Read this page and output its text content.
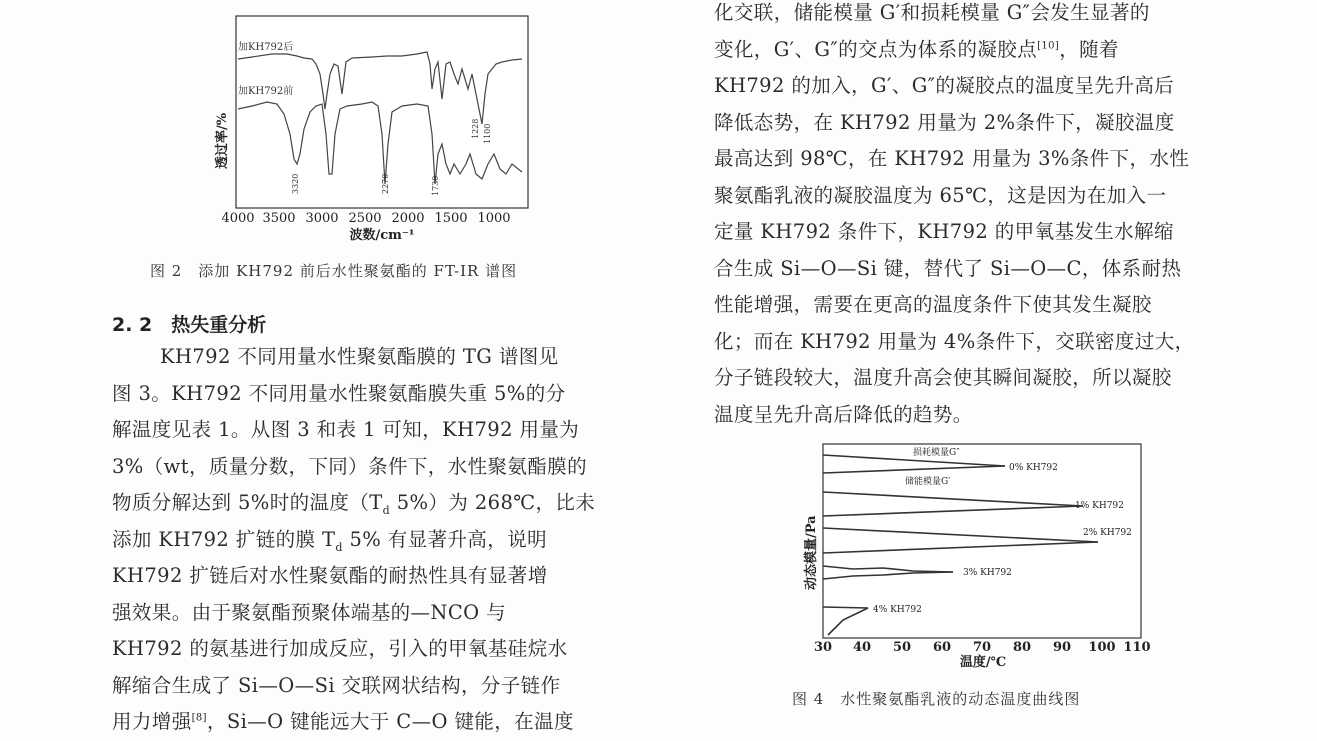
加KH792后
加KH792前
3320	2270	1730
1228 1100
4000 3500 3000 2500 2000 1500 1000
波数/cm⁻¹
透过率/%
图 2　添加 KH792 前后水性聚氨酯的 FT-IR 谱图
2. 2　热失重分析
KH792 不同用量水性聚氨酯膜的 TG 谱图见
图 3。KH792 不同用量水性聚氨酯膜失重 5%的分
解温度见表 1。从图 3 和表 1 可知，KH792 用量为
3%（wt，质量分数，下同）条件下，水性聚氨酯膜的
物质分解达到 5%时的温度（$T_d$ 5%）为 268℃，比未
添加 KH792 扩链的膜 $T_d$ 5% 有显著升高，说明
KH792 扩链后对水性聚氨酯的耐热性具有显著增
强效果。由于聚氨酯预聚体端基的—NCO 与
KH792 的氨基进行加成反应，引入的甲氧基硅烷水
解缩合生成了 Si—O—Si 交联网状结构，分子链作
用力增强[8]，Si—O 键能远大于 C—O 键能，在温度
化交联，储能模量 G′和损耗模量 G″会发生显著的
变化，G′、G″的交点为体系的凝胶点[10]，随着
KH792 的加入，G′、G″的凝胶点的温度呈先升高后
降低态势，在 KH792 用量为 2%条件下，凝胶温度
最高达到 98℃，在 KH792 用量为 3%条件下，水性
聚氨酯乳液的凝胶温度为 65℃，这是因为在加入一
定量 KH792 条件下，KH792 的甲氧基发生水解缩
合生成 Si—O—Si 键，替代了 Si—O—C，体系耐热
性能增强，需要在更高的温度条件下使其发生凝胶
化；而在 KH792 用量为 4%条件下，交联密度过大，
分子链段较大，温度升高会使其瞬间凝胶，所以凝胶
温度呈先升高后降低的趋势。
损耗模量G″
储能模量G′
0% KH792
1% KH792
2% KH792
3% KH792
4% KH792
30 40 50 60 70 80 90 100 110
温度/℃
动态模量/Pa
图 4　水性聚氨酯乳液的动态温度曲线图
